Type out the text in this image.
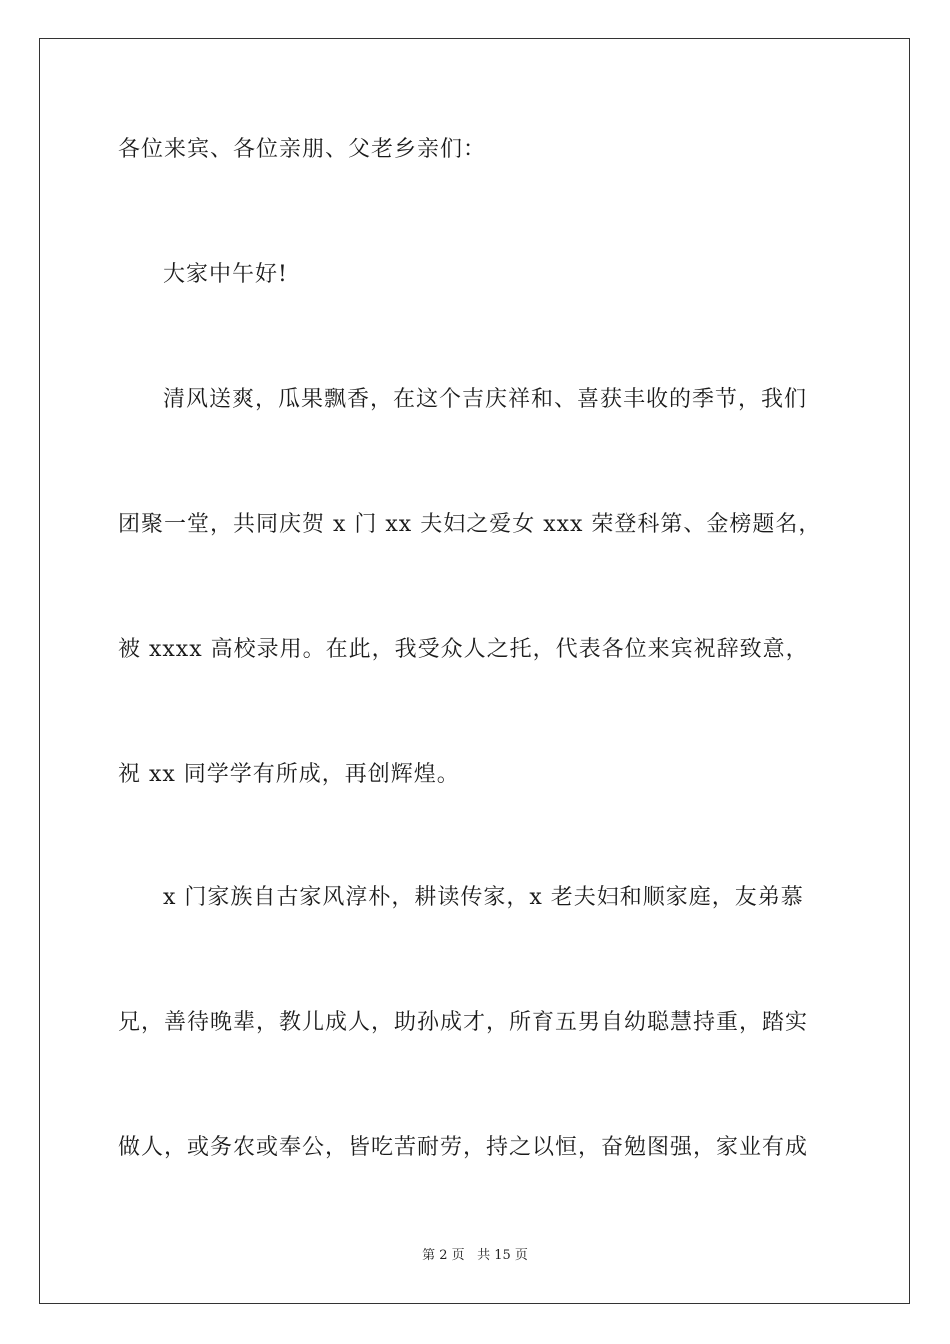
各位来宾、各位亲朋、父老乡亲们：
大家中午好!
清风送爽，瓜果飘香，在这个吉庆祥和、喜获丰收的季节，我们
团聚一堂，共同庆贺 x 门 xx 夫妇之爱女 xxx 荣登科第、金榜题名，
被 xxxx 高校录用。在此，我受众人之托，代表各位来宾祝辞致意，
祝 xx 同学学有所成，再创辉煌。
x 门家族自古家风淳朴，耕读传家，x 老夫妇和顺家庭，友弟慕
兄，善待晚辈，教儿成人，助孙成才，所育五男自幼聪慧持重，踏实
做人，或务农或奉公，皆吃苦耐劳，持之以恒，奋勉图强，家业有成
第 2 页 共 15 页
